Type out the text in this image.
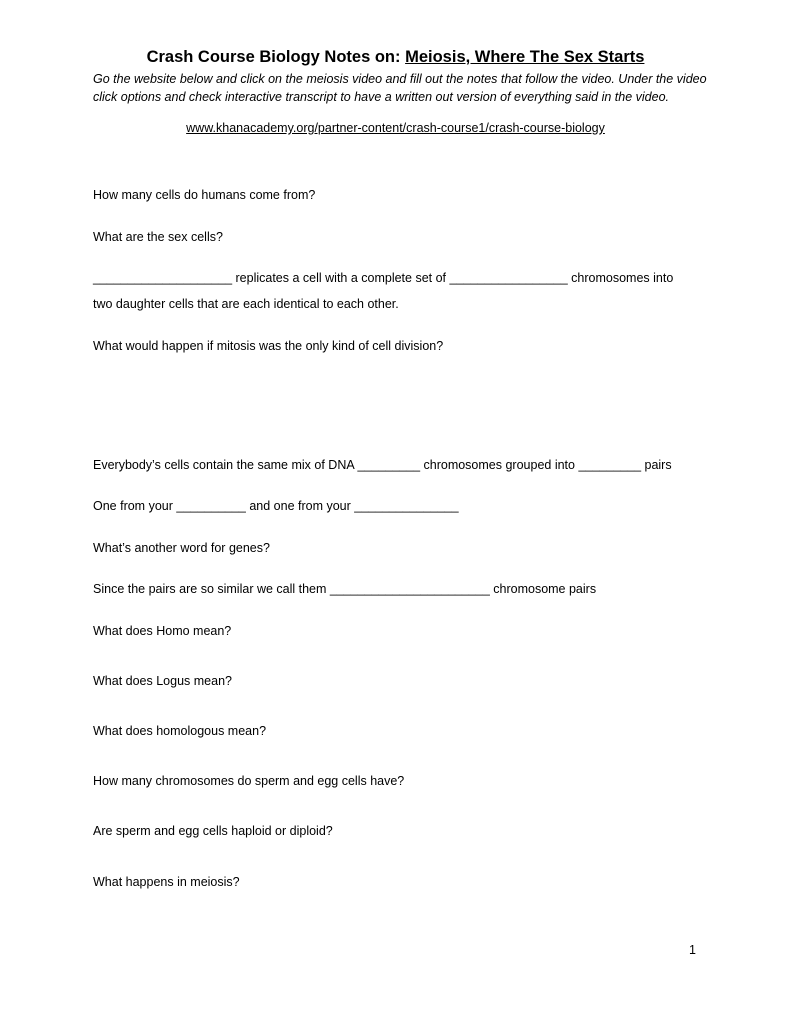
Crash Course Biology Notes on: Meiosis, Where The Sex Starts
Go the website below and click on the meiosis video and fill out the notes that follow the video. Under the video click options and check interactive transcript to have a written out version of everything said in the video.
www.khanacademy.org/partner-content/crash-course1/crash-course-biology
How many cells do humans come from?
What are the sex cells?
____________________ replicates a cell with a complete set of _________________ chromosomes into
two daughter cells that are each identical to each other.
What would happen if mitosis was the only kind of cell division?
Everybody’s cells contain the same mix of DNA _________ chromosomes grouped into _________ pairs
One from your __________ and one from your _______________
What’s another word for genes?
Since the pairs are so similar we call them _______________________ chromosome pairs
What does Homo mean?
What does Logus mean?
What does homologous mean?
How many chromosomes do sperm and egg cells have?
Are sperm and egg cells haploid or diploid?
What happens in meiosis?
1
